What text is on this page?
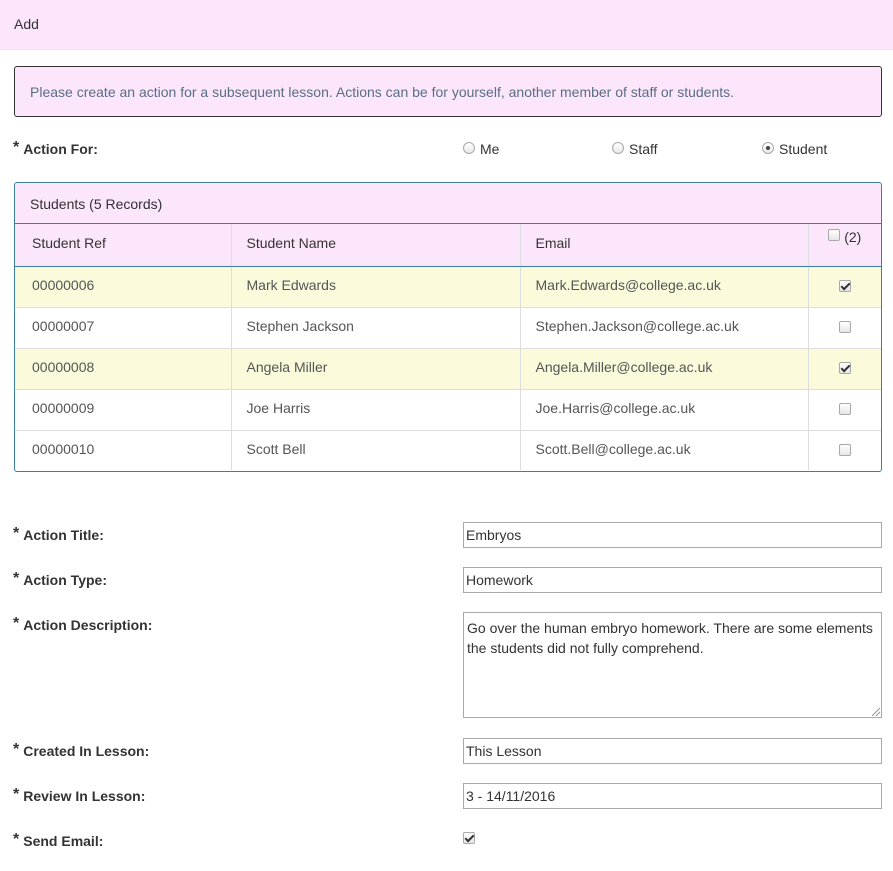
Add
Please create an action for a subsequent lesson. Actions can be for yourself, another member of staff or students.
* Action For:	Me	Staff	Student
Students (5 Records)
Student Ref	Student Name	Email	(2)
00000006	Mark Edwards	Mark.Edwards@college.ac.uk	
00000007	Stephen Jackson	Stephen.Jackson@college.ac.uk	
00000008	Angela Miller	Angela.Miller@college.ac.uk	
00000009	Joe Harris	Joe.Harris@college.ac.uk	
00000010	Scott Bell	Scott.Bell@college.ac.uk	
* Action Title:	Embryos
* Action Type:	Homework
* Action Description:	Go over the human embryo homework. There are some elements the students did not fully comprehend.
* Created In Lesson:	This Lesson
* Review In Lesson:	3 - 14/11/2016
* Send Email:
